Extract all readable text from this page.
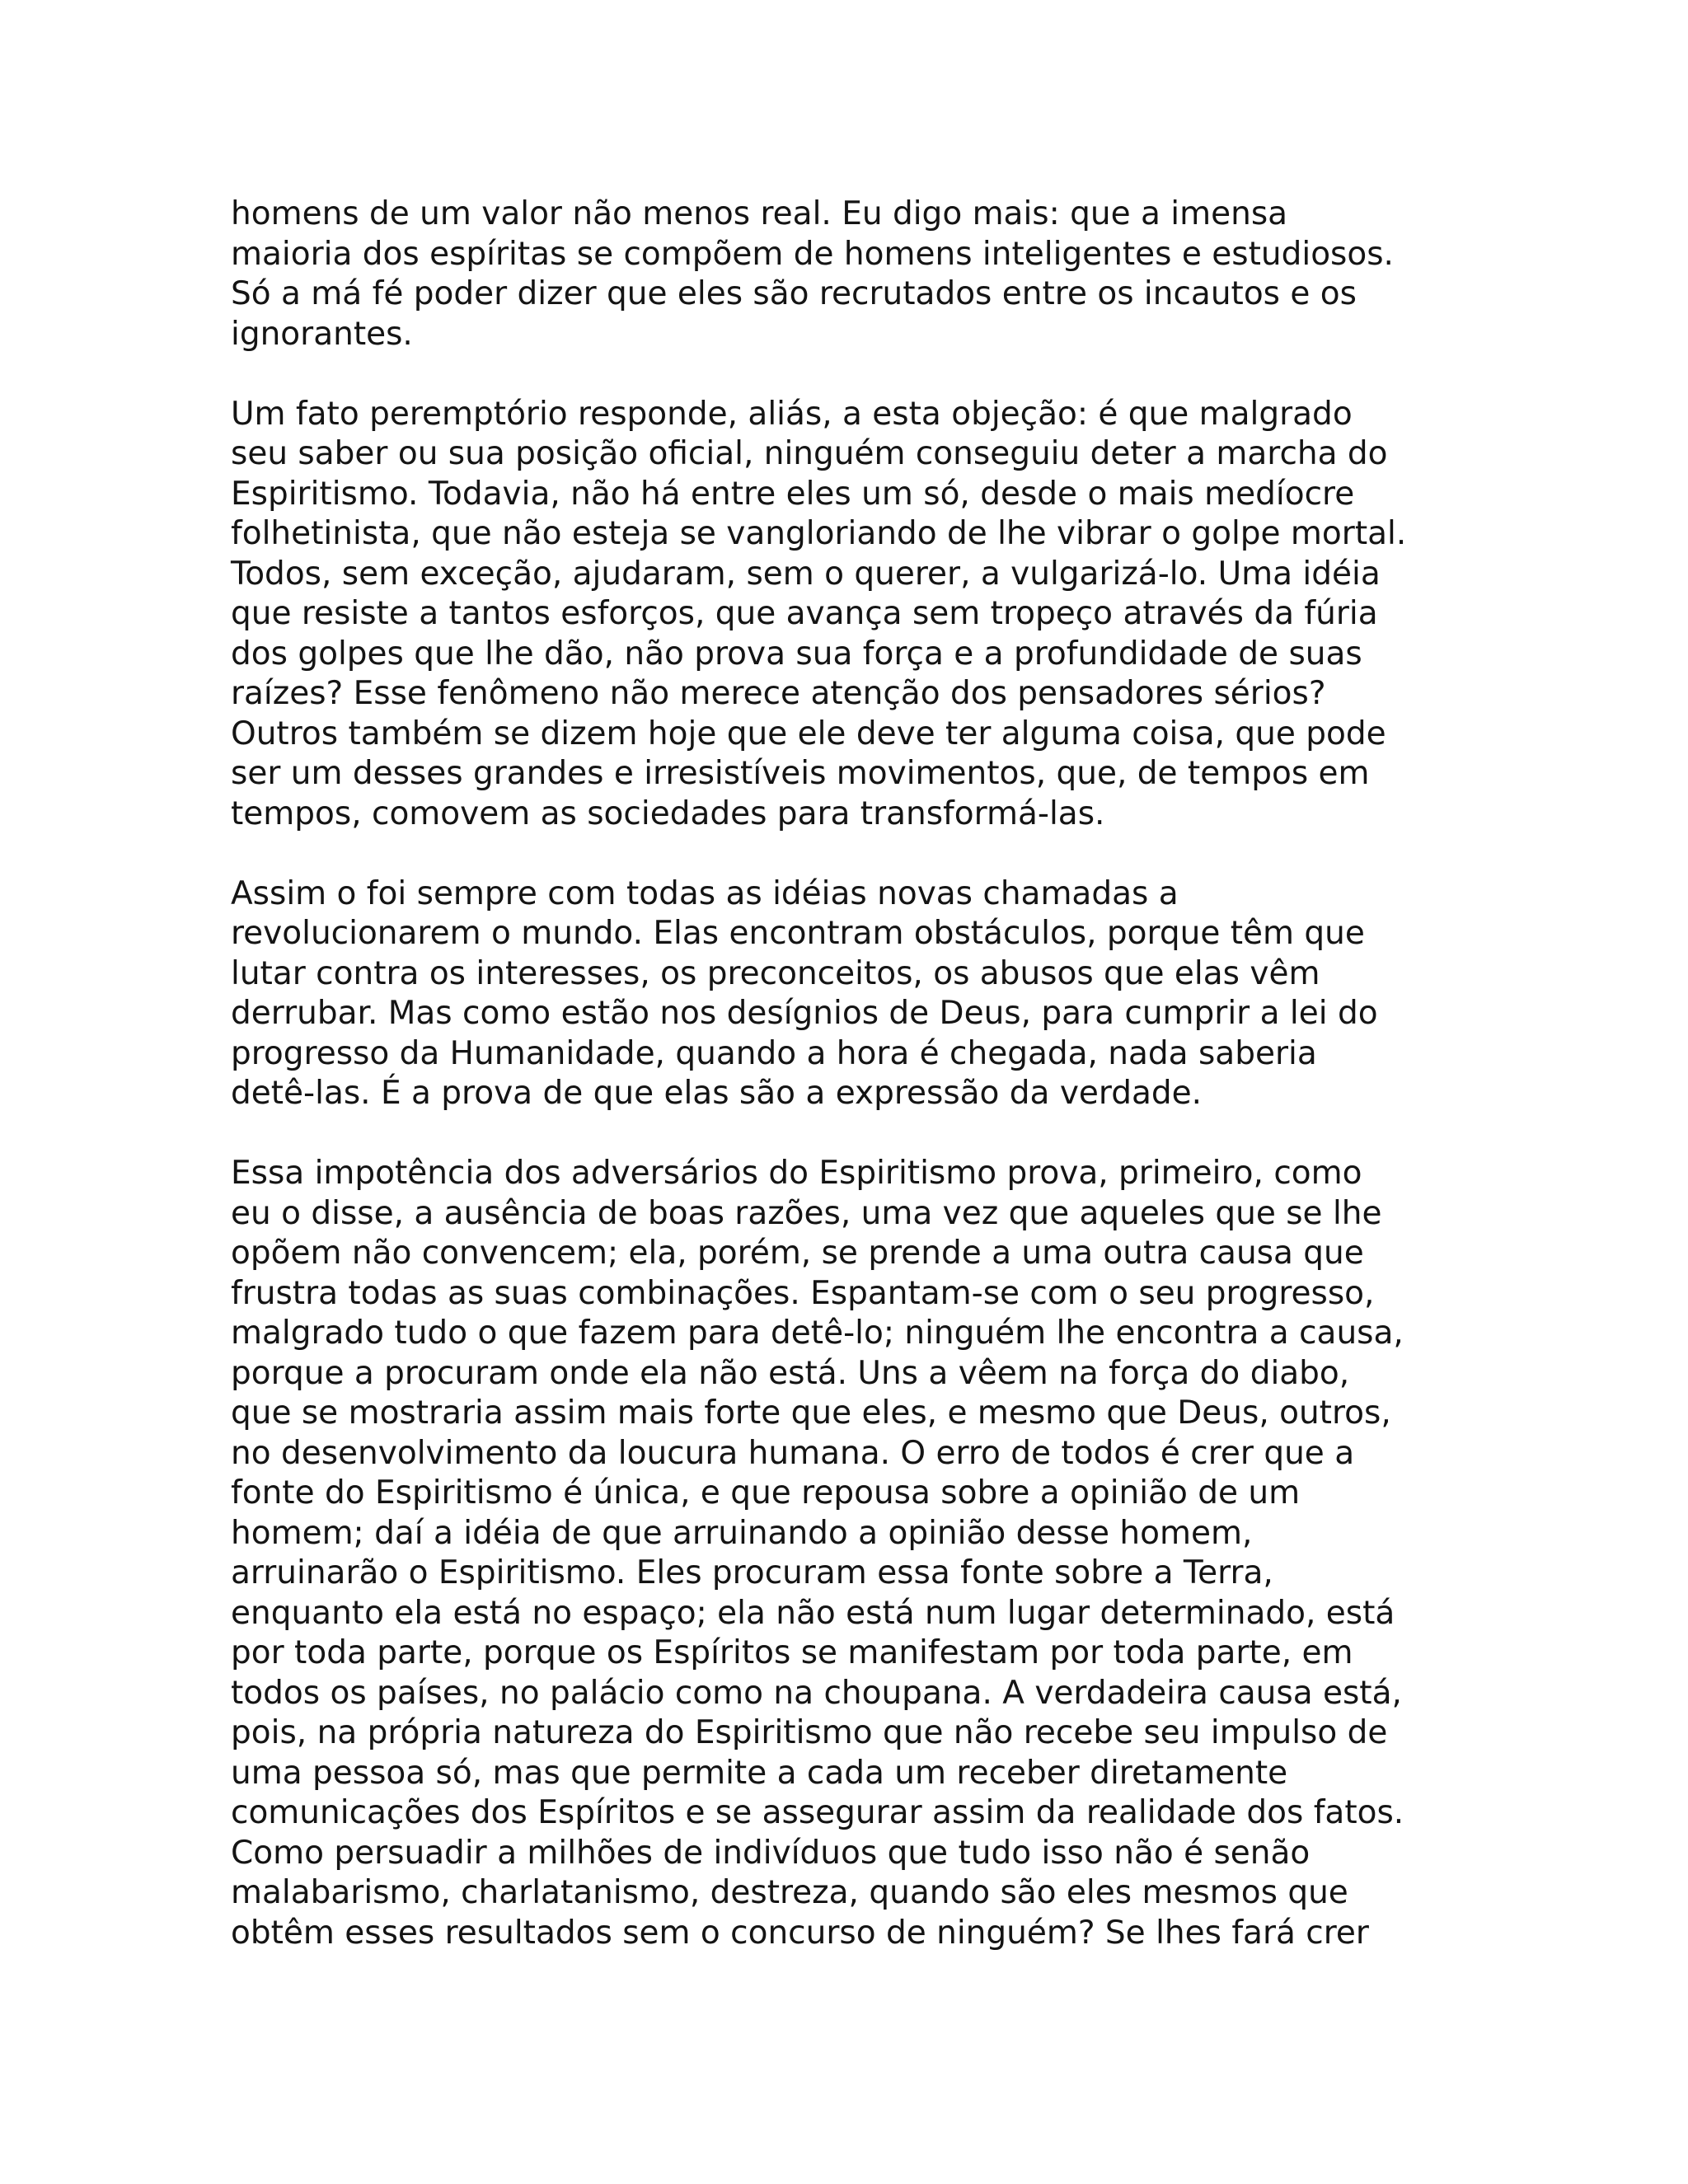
homens de um valor não menos real. Eu digo mais: que a imensa
maioria dos espíritas se compõem de homens inteligentes e estudiosos.
Só a má fé poder dizer que eles são recrutados entre os incautos e os
ignorantes.

Um fato peremptório responde, aliás, a esta objeção: é que malgrado
seu saber ou sua posição oficial, ninguém conseguiu deter a marcha do
Espiritismo. Todavia, não há entre eles um só, desde o mais medíocre
folhetinista, que não esteja se vangloriando de lhe vibrar o golpe mortal.
Todos, sem exceção, ajudaram, sem o querer, a vulgarizá-lo. Uma idéia
que resiste a tantos esforços, que avança sem tropeço através da fúria
dos golpes que lhe dão, não prova sua força e a profundidade de suas
raízes? Esse fenômeno não merece atenção dos pensadores sérios?
Outros também se dizem hoje que ele deve ter alguma coisa, que pode
ser um desses grandes e irresistíveis movimentos, que, de tempos em
tempos, comovem as sociedades para transformá-las.

Assim o foi sempre com todas as idéias novas chamadas a
revolucionarem o mundo. Elas encontram obstáculos, porque têm que
lutar contra os interesses, os preconceitos, os abusos que elas vêm
derrubar. Mas como estão nos desígnios de Deus, para cumprir a lei do
progresso da Humanidade, quando a hora é chegada, nada saberia
detê-las. É a prova de que elas são a expressão da verdade.

Essa impotência dos adversários do Espiritismo prova, primeiro, como
eu o disse, a ausência de boas razões, uma vez que aqueles que se lhe
opõem não convencem; ela, porém, se prende a uma outra causa que
frustra todas as suas combinações. Espantam-se com o seu progresso,
malgrado tudo o que fazem para detê-lo; ninguém lhe encontra a causa,
porque a procuram onde ela não está. Uns a vêem na força do diabo,
que se mostraria assim mais forte que eles, e mesmo que Deus, outros,
no desenvolvimento da loucura humana. O erro de todos é crer que a
fonte do Espiritismo é única, e que repousa sobre a opinião de um
homem; daí a idéia de que arruinando a opinião desse homem,
arruinarão o Espiritismo. Eles procuram essa fonte sobre a Terra,
enquanto ela está no espaço; ela não está num lugar determinado, está
por toda parte, porque os Espíritos se manifestam por toda parte, em
todos os países, no palácio como na choupana. A verdadeira causa está,
pois, na própria natureza do Espiritismo que não recebe seu impulso de
uma pessoa só, mas que permite a cada um receber diretamente
comunicações dos Espíritos e se assegurar assim da realidade dos fatos.
Como persuadir a milhões de indivíduos que tudo isso não é senão
malabarismo, charlatanismo, destreza, quando são eles mesmos que
obtêm esses resultados sem o concurso de ninguém? Se lhes fará crer
